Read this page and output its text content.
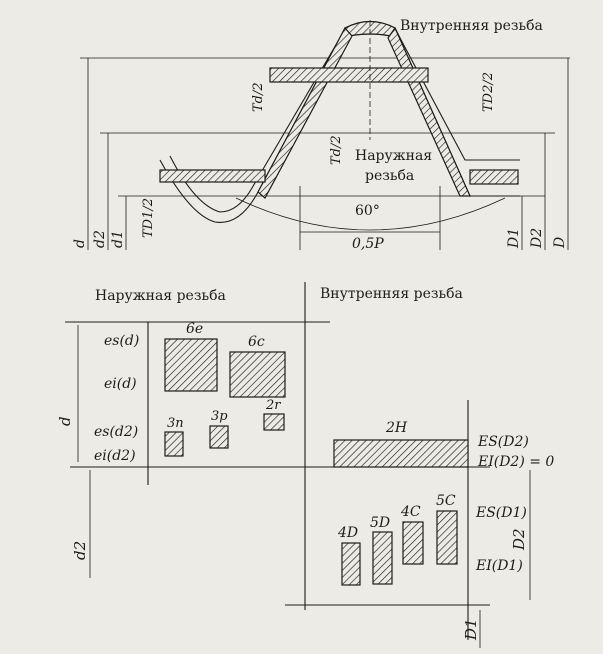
Внутренняя резьба
Наружная
резьба
60°
0,5P
Td/2	TD2/2
Td/2
TD1/2
d d2 d1	D1 D2 D
Наружная резьба	Внутренняя резьба
d
d2
D2
D1
es(d)
ei(d)
es(d2)
ei(d2)
6e
6c
3n 3p
2r
2H
4D
5D
4C
5C
ES(D2)
EI(D2) = 0
ES(D1)
EI(D1)
